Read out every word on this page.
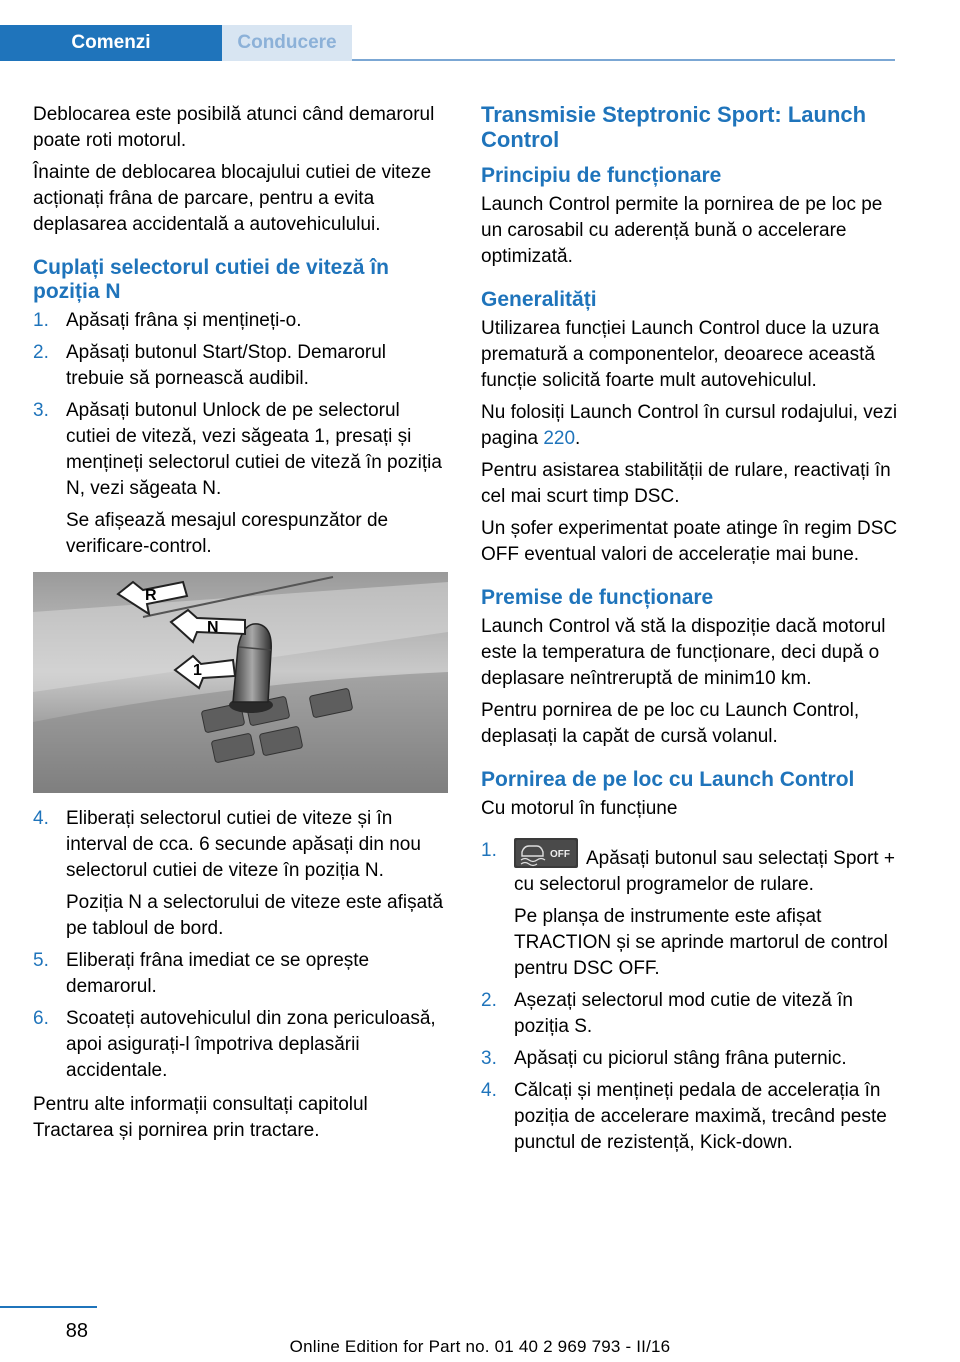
Comenzi	Conducere

Deblocarea este posibilă atunci când demarorul poate roti motorul.

Înainte de deblocarea blocajului cutiei de viteze acționați frâna de parcare, pentru a evita deplasarea accidentală a autovehiculului.

Cuplați selectorul cutiei de viteză în poziția N
1. Apăsați frâna și mențineți-o.
2. Apăsați butonul Start/Stop. Demarorul trebuie să pornească audibil.
3. Apăsați butonul Unlock de pe selectorul cutiei de viteză, vezi săgeata 1, presați și mențineți selectorul cutiei de viteză în poziția N, vezi săgeata N.

Se afișează mesajul corespunzător de verificare-control.

R
N
1
4. Eliberați selectorul cutiei de viteze și în interval de cca. 6 secunde apăsați din nou selectorul cutiei de viteze în poziția N.

Poziția N a selectorului de viteze este afișată pe tabloul de bord.

5. Eliberați frâna imediat ce se oprește demarorul.
6. Scoateți autovehiculul din zona periculoasă, apoi asigurați-l împotriva deplasării accidentale.

Pentru alte informații consultați capitolul Tractarea și pornirea prin tractare.

Transmisie Steptronic Sport: Launch Control
Principiu de funcționare

Launch Control permite la pornirea de pe loc pe un carosabil cu aderență bună o accelerare optimizată.

Generalități

Utilizarea funcției Launch Control duce la uzura prematură a componentelor, deoarece această funcție solicită foarte mult autovehiculul.

Nu folosiți Launch Control în cursul rodajului, vezi pagina 220.

Pentru asistarea stabilității de rulare, reactivați în cel mai scurt timp DSC.

Un șofer experimentat poate atinge în regim DSC OFF eventual valori de accelerație mai bune.

Premise de funcționare

Launch Control vă stă la dispoziție dacă motorul este la temperatura de funcționare, deci după o deplasare neîntreruptă de minim10 km.

Pentru pornirea de pe loc cu Launch Control, deplasați la capăt de cursă volanul.

Pornirea de pe loc cu Launch Control

Cu motorul în funcțiune

1.	OFF Apăsați butonul sau selectați Sport + cu selectorul programelor de rulare.

Pe planșa de instrumente este afișat TRACTION și se aprinde martorul de control pentru DSC OFF.

2. Așezați selectorul mod cutie de viteză în poziția S.
3. Apăsați cu piciorul stâng frâna puternic.
4. Călcați și mențineți pedala de accelerația în poziția de accelerare maximă, trecând peste punctul de rezistență, Kick-down.
88
Online Edition for Part no. 01 40 2 969 793 - II/16
